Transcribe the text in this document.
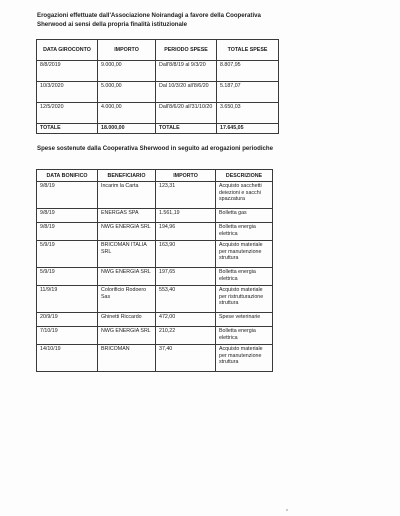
Erogazioni effettuate dall'Associazione Noirandagi a favore della Cooperativa Sherwood ai sensi della propria finalità istituzionale
DATA GIROCONTO	IMPORTO	PERIODO SPESE	TOTALE SPESE
8/8/2019	9.000,00	Dall'8/8/19 al 9/3/20	8.807,95
10/3/2020	5.000,00	Dal 10/3/20 all'8/6/20	5.187,07
12/5/2020	4.000,00	Dall'8/6/20 all'31/10/20	3.650,03
TOTALE	18.000,00	TOTALE	17.645,05
Spese sostenute dalla Cooperativa Sherwood in seguito ad erogazioni periodiche
DATA BONIFICO	BENEFICIARIO	IMPORTO	DESCRIZIONE
9/8/19	Incarim la Carta	123,31	Acquisto sacchetti deiezioni e sacchi spazzatura
9/8/19	ENERGAS SPA	1.561,19	Bolletta gas
9/8/19	NWG ENERGIA SRL	194,96	Bolletta energia elettrica
5/9/19	BRICOMAN ITALIA SRL	163,90	Acquisto materiale per manutenzione struttura
5/9/19	NWG ENERGIA SRL	197,65	Bolletta energia elettrica
11/9/19	Colorificio Rodoero Sas	553,40	Acquisto materiale per ristrutturazione struttura
20/9/19	Ghinetti Riccardo	472,00	Spese veterinarie
7/10/19	NWG ENERGIA SRL	210,22	Bolletta energia elettrica
14/10/19	BRICOMAN	37,40	Acquisto materiale per manutenzione struttura
